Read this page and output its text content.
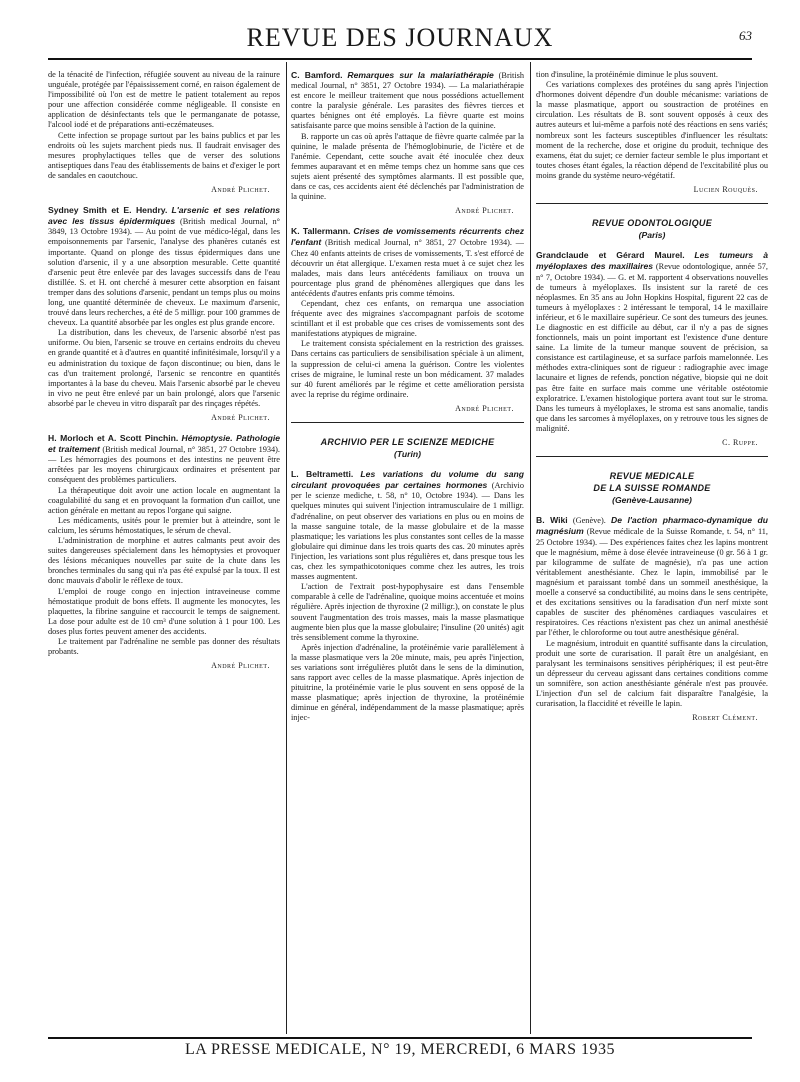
REVUE DES JOURNAUX	63

de la ténacité de l'infection, réfugiée souvent au niveau de la rainure unguéale, protégée par l'épaississement corné, en raison également de l'impossibilité où l'on est de mettre le patient totalement au repos pour une affection considérée comme négligeable. Il consiste en application de désinfectants tels que le permanganate de potasse, l'alcool iodé et de préparations anti-eczémateuses.

Cette infection se propage surtout par les bains publics et par les endroits où les sujets marchent pieds nus. Il faudrait envisager des mesures prophylactiques telles que de verser des solutions antiseptiques dans l'eau des établissements de bains et d'exiger le port de sandales en caoutchouc.

André Plichet.

Sydney Smith et E. Hendry. L'arsenic et ses relations avec les tissus épidermiques (British medical Journal, n° 3849, 13 Octobre 1934). — Au point de vue médico-légal, dans les empoisonnements par l'arsenic, l'analyse des phanères cutanés est importante. Quand on plonge des tissus épidermiques dans une solution d'arsenic, il y a une absorption mesurable. Cette quantité d'arsenic peut être enlevée par des lavages successifs dans de l'eau distillée. S. et H. ont cherché à mesurer cette absorption en faisant tremper dans des solutions d'arsenic, pendant un temps plus ou moins long, une quantité déterminée de cheveux. Le maximum d'arsenic, trouvé dans leurs recherches, a été de 5 milligr. pour 100 grammes de cheveux. La quantité absorbée par les ongles est plus grande encore.

La distribution, dans les cheveux, de l'arsenic absorbé n'est pas uniforme. Ou bien, l'arsenic se trouve en certains endroits du cheveu en grande quantité et à d'autres en quantité infinitésimale, lorsqu'il y a eu administration du toxique de façon discontinue; ou bien, dans le cas d'un traitement prolongé, l'arsenic se rencontre en quantités importantes à la base du cheveu. Mais l'arsenic absorbé par le cheveu in vivo ne peut être enlevé par un bain prolongé, alors que l'arsenic absorbé par le cheveu in vitro disparaît par des rinçages répétés.

André Plichet.

H. Morloch et A. Scott Pinchin. Hémoptysie. Pathologie et traitement (British medical Journal, n° 3851, 27 Octobre 1934). — Les hémorragies des poumons et des intestins ne peuvent être arrêtées par les moyens chirurgicaux ordinaires et présentent par conséquent des problèmes particuliers.

La thérapeutique doit avoir une action locale en augmentant la coagulabilité du sang et en provoquant la formation d'un caillot, une action générale en mettant au repos l'organe qui saigne.

Les médicaments, usités pour le premier but à atteindre, sont le calcium, les sérums hémostatiques, le sérum de cheval.

L'administration de morphine et autres calmants peut avoir des suites dangereuses spécialement dans les hémoptysies et provoquer des lésions mécaniques nouvelles par suite de la chute dans les bronches terminales du sang qui n'a pas été expulsé par la toux. Il est donc mauvais d'abolir le réflexe de toux.

L'emploi de rouge congo en injection intraveineuse comme hémostatique produit de bons effets. Il augmente les monocytes, les plaquettes, la fibrine sanguine et raccourcit le temps de saignement. La dose pour adulte est de 10 cm³ d'une solution à 1 pour 100. Les doses plus fortes peuvent amener des accidents.

Le traitement par l'adrénaline ne semble pas donner des résultats probants.

André Plichet.

C. Bamford. Remarques sur la malariathérapie (British medical Journal, n° 3851, 27 Octobre 1934). — La malariathérapie est encore le meilleur traitement que nous possédions actuellement contre la paralysie générale. Les parasites des fièvres tierces et quartes bénignes ont été employés. La fièvre quarte est moins satisfaisante parce que moins sensible à l'action de la quinine.

B. rapporte un cas où après l'attaque de fièvre quarte calmée par la quinine, le malade présenta de l'hémoglobinurie, de l'ictère et de l'anémie. Cependant, cette souche avait été inoculée chez deux femmes auparavant et en même temps chez un homme sans que ces sujets aient présenté des symptômes alarmants. Il est possible que, dans ce cas, ces accidents aient été déclenchés par l'administration de la quinine.

André Plichet.

K. Tallermann. Crises de vomissements récurrents chez l'enfant (British medical Journal, n° 3851, 27 Octobre 1934). — Chez 40 enfants atteints de crises de vomissements, T. s'est efforcé de découvrir un état allergique. L'examen resta muet à ce sujet chez les malades, mais dans leurs antécédents familiaux on trouva un pourcentage plus grand de phénomènes allergiques que dans les antécédents d'autres enfants pris comme témoins.

Cependant, chez ces enfants, on remarqua une association fréquente avec des migraines s'accompagnant parfois de scotome scintillant et il est probable que ces crises de vomissements sont des manifestations atypiques de migraine.

Le traitement consista spécialement en la restriction des graisses. Dans certains cas particuliers de sensibilisation spéciale à un aliment, la suppression de celui-ci amena la guérison. Contre les violentes crises de migraine, le luminal reste un bon médicament. 37 malades sur 40 furent améliorés par le régime et cette amélioration persista avec la reprise du régime ordinaire.

André Plichet.

ARCHIVIO PER LE SCIENZE MEDICHE
(Turin)

L. Beltrametti. Les variations du volume du sang circulant provoquées par certaines hormones (Archivio per le scienze mediche, t. 58, n° 10, Octobre 1934). — Dans les quelques minutes qui suivent l'injection intramusculaire de 1 milligr. d'adrénaline, on peut observer des variations en plus ou en moins de la masse sanguine totale, de la masse globulaire et de la masse plasmatique; les variations les plus constantes sont celles de la masse globulaire qui diminue dans les trois quarts des cas. 20 minutes après l'injection, les variations sont plus régulières et, dans presque tous les cas, chez les sympathicotoniques comme chez les autres, les trois masses augmentent.

L'action de l'extrait post-hypophysaire est dans l'ensemble comparable à celle de l'adrénaline, quoique moins accentuée et moins régulière. Après injection de thyroxine (2 milligr.), on constate le plus souvent l'augmentation des trois masses, mais la masse plasmatique augmente bien plus que la masse globulaire; l'insuline (20 unités) agit très sensiblement comme la thyroxine.

Après injection d'adrénaline, la protéinémie varie parallèlement à la masse plasmatique vers la 20e minute, mais, peu après l'injection, ses variations sont irrégulières plutôt dans le sens de la diminution, sans rapport avec celles de la masse plasmatique. Après injection de pituitrine, la protéinémie varie le plus souvent en sens opposé de la masse plasmatique; après injection de thyroxine, la protéinémie diminue en général, indépendamment de la masse plasmatique; après injec-

tion d'insuline, la protéinémie diminue le plus souvent.

Ces variations complexes des protéines du sang après l'injection d'hormones doivent dépendre d'un double mécanisme: variations de la masse plasmatique, apport ou soustraction de protéines en circulation. Les résultats de B. sont souvent opposés à ceux des autres auteurs et lui-même a parfois noté des réactions en sens variés; nombreux sont les facteurs susceptibles d'influencer les résultats: moment de la recherche, dose et origine du produit, technique des examens, état du sujet; ce dernier facteur semble le plus important et toutes choses étant égales, la réaction dépend de l'excitabilité plus ou moins grande du système neuro-végétatif.

Lucien Rouquès.

REVUE ODONTOLOGIQUE
(Paris)

Grandclaude et Gérard Maurel. Les tumeurs à myéloplaxes des maxillaires (Revue odontologique, année 57, n° 7, Octobre 1934). — G. et M. rapportent 4 observations nouvelles de tumeurs à myéloplaxes. Ils insistent sur la rareté de ces néoplasmes. En 35 ans au John Hopkins Hospital, figurent 22 cas de tumeurs à myéloplaxes : 2 intéressant le temporal, 14 le maxillaire inférieur, et 6 le maxillaire supérieur. Ce sont des tumeurs des jeunes. Le diagnostic en est difficile au début, car il n'y a pas de signes fonctionnels, mais un point important est l'existence d'une denture saine. La limite de la tumeur manque souvent de précision, sa consistance est cartilagineuse, et sa surface parfois mamelonnée. Les méthodes extra-cliniques sont de rigueur : radiographie avec image lacunaire et lignes de refends, ponction négative, biopsie qui ne doit pas être faite en surface mais comme une véritable ostéotomie exploratrice. L'examen histologique portera avant tout sur le stroma. Dans les tumeurs à myéloplaxes, le stroma est sans anomalie, tandis que dans les sarcomes à myéloplaxes, on y retrouve tous les signes de malignité.

C. Ruppe.

REVUE MEDICALE
DE LA SUISSE ROMANDE
(Genève-Lausanne)

B. Wiki (Genève). De l'action pharmaco-dynamique du magnésium (Revue médicale de la Suisse Romande, t. 54, n° 11, 25 Octobre 1934). — Des expériences faites chez les lapins montrent que le magnésium, même à dose élevée intraveineuse (0 gr. 56 à 1 gr. par kilogramme de sulfate de magnésie), n'a pas une action véritablement anesthésiante. Chez le lapin, immobilisé par le magnésium et paraissant tombé dans un sommeil anesthésique, la moelle a conservé sa conductibilité, au moins dans le sens centripète, et des excitations sensitives ou la faradisation d'un nerf mixte sont capables de susciter des phénomènes cardiaques vasculaires et respiratoires. Ces réactions n'existent pas chez un animal anesthésié par l'éther, le chloroforme ou tout autre anesthésique général.

Le magnésium, introduit en quantité suffisante dans la circulation, produit une sorte de curarisation. Il paraît être un analgésiant, en paralysant les terminaisons sensitives périphériques; il est peut-être un dépresseur du cerveau agissant dans certaines conditions comme un somnifère, son action anesthésiante générale n'est pas prouvée. L'injection d'un sel de calcium fait disparaître l'analgésie, la curarisation, la flaccidité et réveille le lapin.

Robert Clément.

LA PRESSE MEDICALE, N° 19, MERCREDI, 6 MARS 1935
